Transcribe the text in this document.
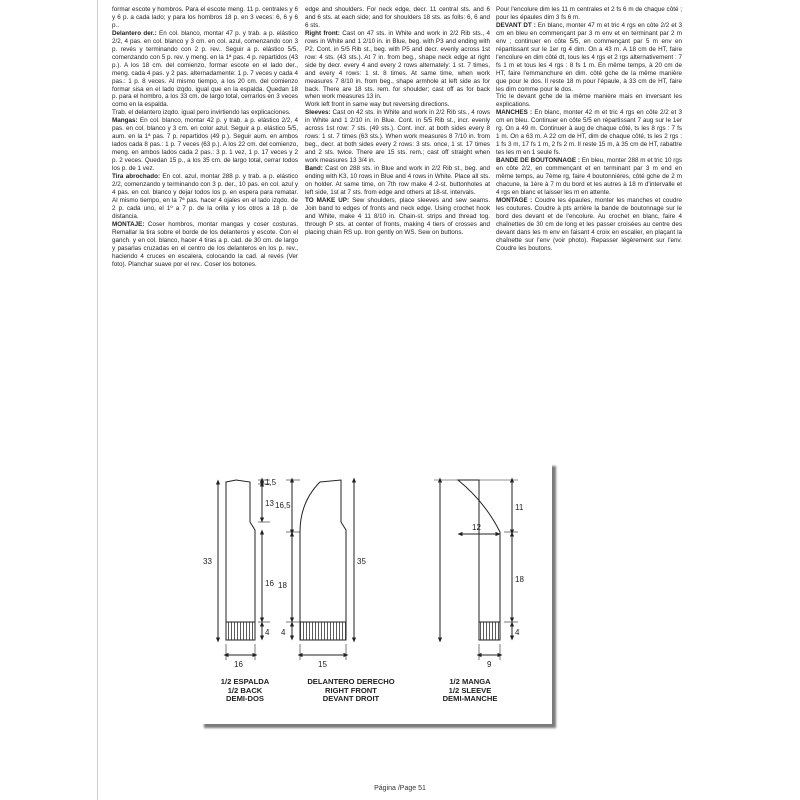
formar escote y hombros. Para el escote meng. 11 p. centrales y 6 y 6 p. a cada lado; y para los hombros 18 p. en 3 veces: 6, 6 y 6 p..

Delantero der.: En col. blanco, montar 47 p. y trab. a p. elástico 2/2, 4 pas. en col. blanco y 3 cm. en col. azul, comenzando con 3 p. revés y terminando con 2 p. rev.. Seguir a p. elástico 5/5, comenzando con 5 p. rev. y meng. en la 1ª pas. 4 p. repartidos (43 p.). A los 18 cm. del comienzo, formar escote en el lado der., meng. cada 4 pas. y 2 pas. alternadamente: 1 p. 7 veces y cada 4 pas.: 1 p. 8 veces. Al mismo tiempo, a los 20 cm. del comienzo formar sisa en el lado izqdo. igual que en la espalda. Quedan 18 p. para el hombro, a los 33 cm. de largo total, cerrarlos en 3 veces como en la espalda.

Trab. el delantero izqdo. igual pero invirtiendo las explicaciones.

Mangas: En col. blanco, montar 42 p. y trab. a p. elástico 2/2, 4 pas. en col. blanco y 3 cm. en color azul. Seguir a p. elástico 5/5, aum. en la 1ª pas. 7 p. repartidos (49 p.). Seguir aum. en ambos lados cada 8 pas.: 1 p. 7 veces (63 p.). A los 22 cm. del comienzo, meng. en ambos lados cada 2 pas.: 3 p. 1 vez, 1 p. 17 veces y 2 p. 2 veces. Quedan 15 p., a los 35 cm. de largo total, cerrar todos los p. de 1 vez.

Tira abrochado: En col. azul, montar 288 p. y trab. a p. elástico 2/2, comenzando y terminando con 3 p. der., 10 pas. en col. azul y 4 pas. en col. blanco y dejar todos los p. en espera para rematar. Al mismo tiempo, en la 7ª pas. hacer 4 ojales en el lado izqdo. de 2 p. cada uno, el 1º a 7 p. de la orilla y los otros a 18 p. de distancia.

MONTAJE: Coser hombros, montar mangas y coser costuras. Remallar la tira sobre el borde de los delanteros y escote. Con el ganch. y en col. blanco, hacer 4 tiras a p. cad. de 30 cm. de largo y pasarlas cruzadas en el centro de los delanteros en los p. rev., haciendo 4 cruces en escalera, colocando la cad. al revés (Ver foto). Planchar suave por el rev.. Coser los botones.

edge and shoulders. For neck edge, decr. 11 central sts. and 6 and 6 sts. at each side; and for shoulders 18 sts. as folls: 6, 6 and 6 sts.

Right front: Cast on 47 sts. in White and work in 2/2 Rib sts., 4 rows in White and 1 2/10 in. in Blue, beg. with P3 and ending with P2. Cont. in 5/5 Rib st., beg. with P5 and decr. evenly across 1st row: 4 sts. (43 sts.). At 7 in. from beg., shape neck edge at right side by decr. every 4 and every 2 rows alternately: 1 st. 7 times, and every 4 rows: 1 st. 8 times. At same time, when work measures 7 8/10 in. from beg., shape armhole at left side as for back. There are 18 sts. rem. for shoulder; cast off as for back when work measures 13 in.

Work left front in same way but reversing directions.

Sleeves: Cast on 42 sts. in White and work in 2/2 Rib sts., 4 rows in White and 1 2/10 in. in Blue. Cont. in 5/5 Rib st., incr. evenly across 1st row: 7 sts. (49 sts.). Cont. incr. at both sides every 8 rows: 1 st. 7 times (63 sts.). When work measures 8 7/10 in. from beg., decr. at both sides every 2 rows: 3 sts. once, 1 st. 17 times and 2 sts. twice. There are 15 sts. rem.; cast off straight when work measures 13 3/4 in.

Band: Cast on 288 sts. in Blue and work in 2/2 Rib st., beg. and ending with K3, 10 rows in Blue and 4 rows in White. Place all sts. on holder. At same time, on 7th row make 4 2-st. buttonholes at left side, 1st at 7 sts. from edge and others at 18-st. intervals.

TO MAKE UP: Sew shoulders, place sleeves and sew seams. Join band to edges of fronts and neck edge. Using crochet hook and White, make 4 11 8/10 in. Chain-st. strips and thread tog. through P sts. at center of fronts, making 4 tiers of crosses and placing chain RS up. Iron gently on WS. Sew on buttons.

Pour l'encolure dim les 11 m centrales et 2 fs 6 m de chaque côté ; pour les épaules dim 3 fs 6 m.

DEVANT DT : En blanc, monter 47 m et tric 4 rgs en côte 2/2 et 3 cm en bleu en commençant par 3 m env et en terminant par 2 m env ; continuer en côte 5/5, en commençant par 5 m env en répartissant sur le 1er rg 4 dim. On a 43 m. A 18 cm de HT, faire l'encolure en dim côté dt, tous les 4 rgs et 2 rgs alternativement : 7 fs 1 m et tous les 4 rgs : 8 fs 1 m. En même temps, à 20 cm de HT, faire l'emmanchure en dim. côté gche de la même manière que pour le dos. Il reste 18 m pour l'épaule, à 33 cm de HT, faire les dim comme pour le dos.

Tric le devant gche de la même manière mais en inversant les explications.

MANCHES : En blanc, monter 42 m et tric 4 rgs en côte 2/2 et 3 cm en bleu. Continuer en côte 5/5 en répartissant 7 aug sur le 1er rg. On a 49 m. Continuer à aug de chaque côté, ts les 8 rgs : 7 fs 1 m. On a 63 m. A 22 cm de HT, dim de chaque côté, ts les 2 rgs : 1 fs 3 m, 17 fs 1 m, 2 fs 2 m. Il reste 15 m, à 35 cm de HT, rabattre tes les m en 1 seule fs.

BANDE DE BOUTONNAGE : En bleu, monter 288 m et tric 10 rgs en côte 2/2, en commençant et en terminant par 3 m end en même temps, au 7ème rg, faire 4 boutonnières, côté gche de 2 m chacune, la 1ère à 7 m du bord et les autres à 18 m d'intervalle et 4 rgs en blanc et laisser les m en attente.

MONTAGE : Coudre les épaules, monter les manches et coudre les coutures. Coudre à pts arrière la bande de boutonnage sur le bord des devant et de l'encolure. Au crochet en blanc, faire 4 chaînettes de 30 cm de long et les passer croisées au centre des devant dans les m env en faisant 4 croix en escalier, en plaçant la chaînette sur l'env (voir photo). Repasser légèrement sur l'env. Coudre les boutons.

1,5
13
33
16
4
16
16,5
35
18
4
15
11
12
18
4
9
1/2 ESPALDA
1/2 BACK
DEMI-DOS
DELANTERO DERECHO
RIGHT FRONT
DEVANT DROIT
1/2 MANGA
1/2 SLEEVE
DEMI-MANCHE
Página /Page 51
